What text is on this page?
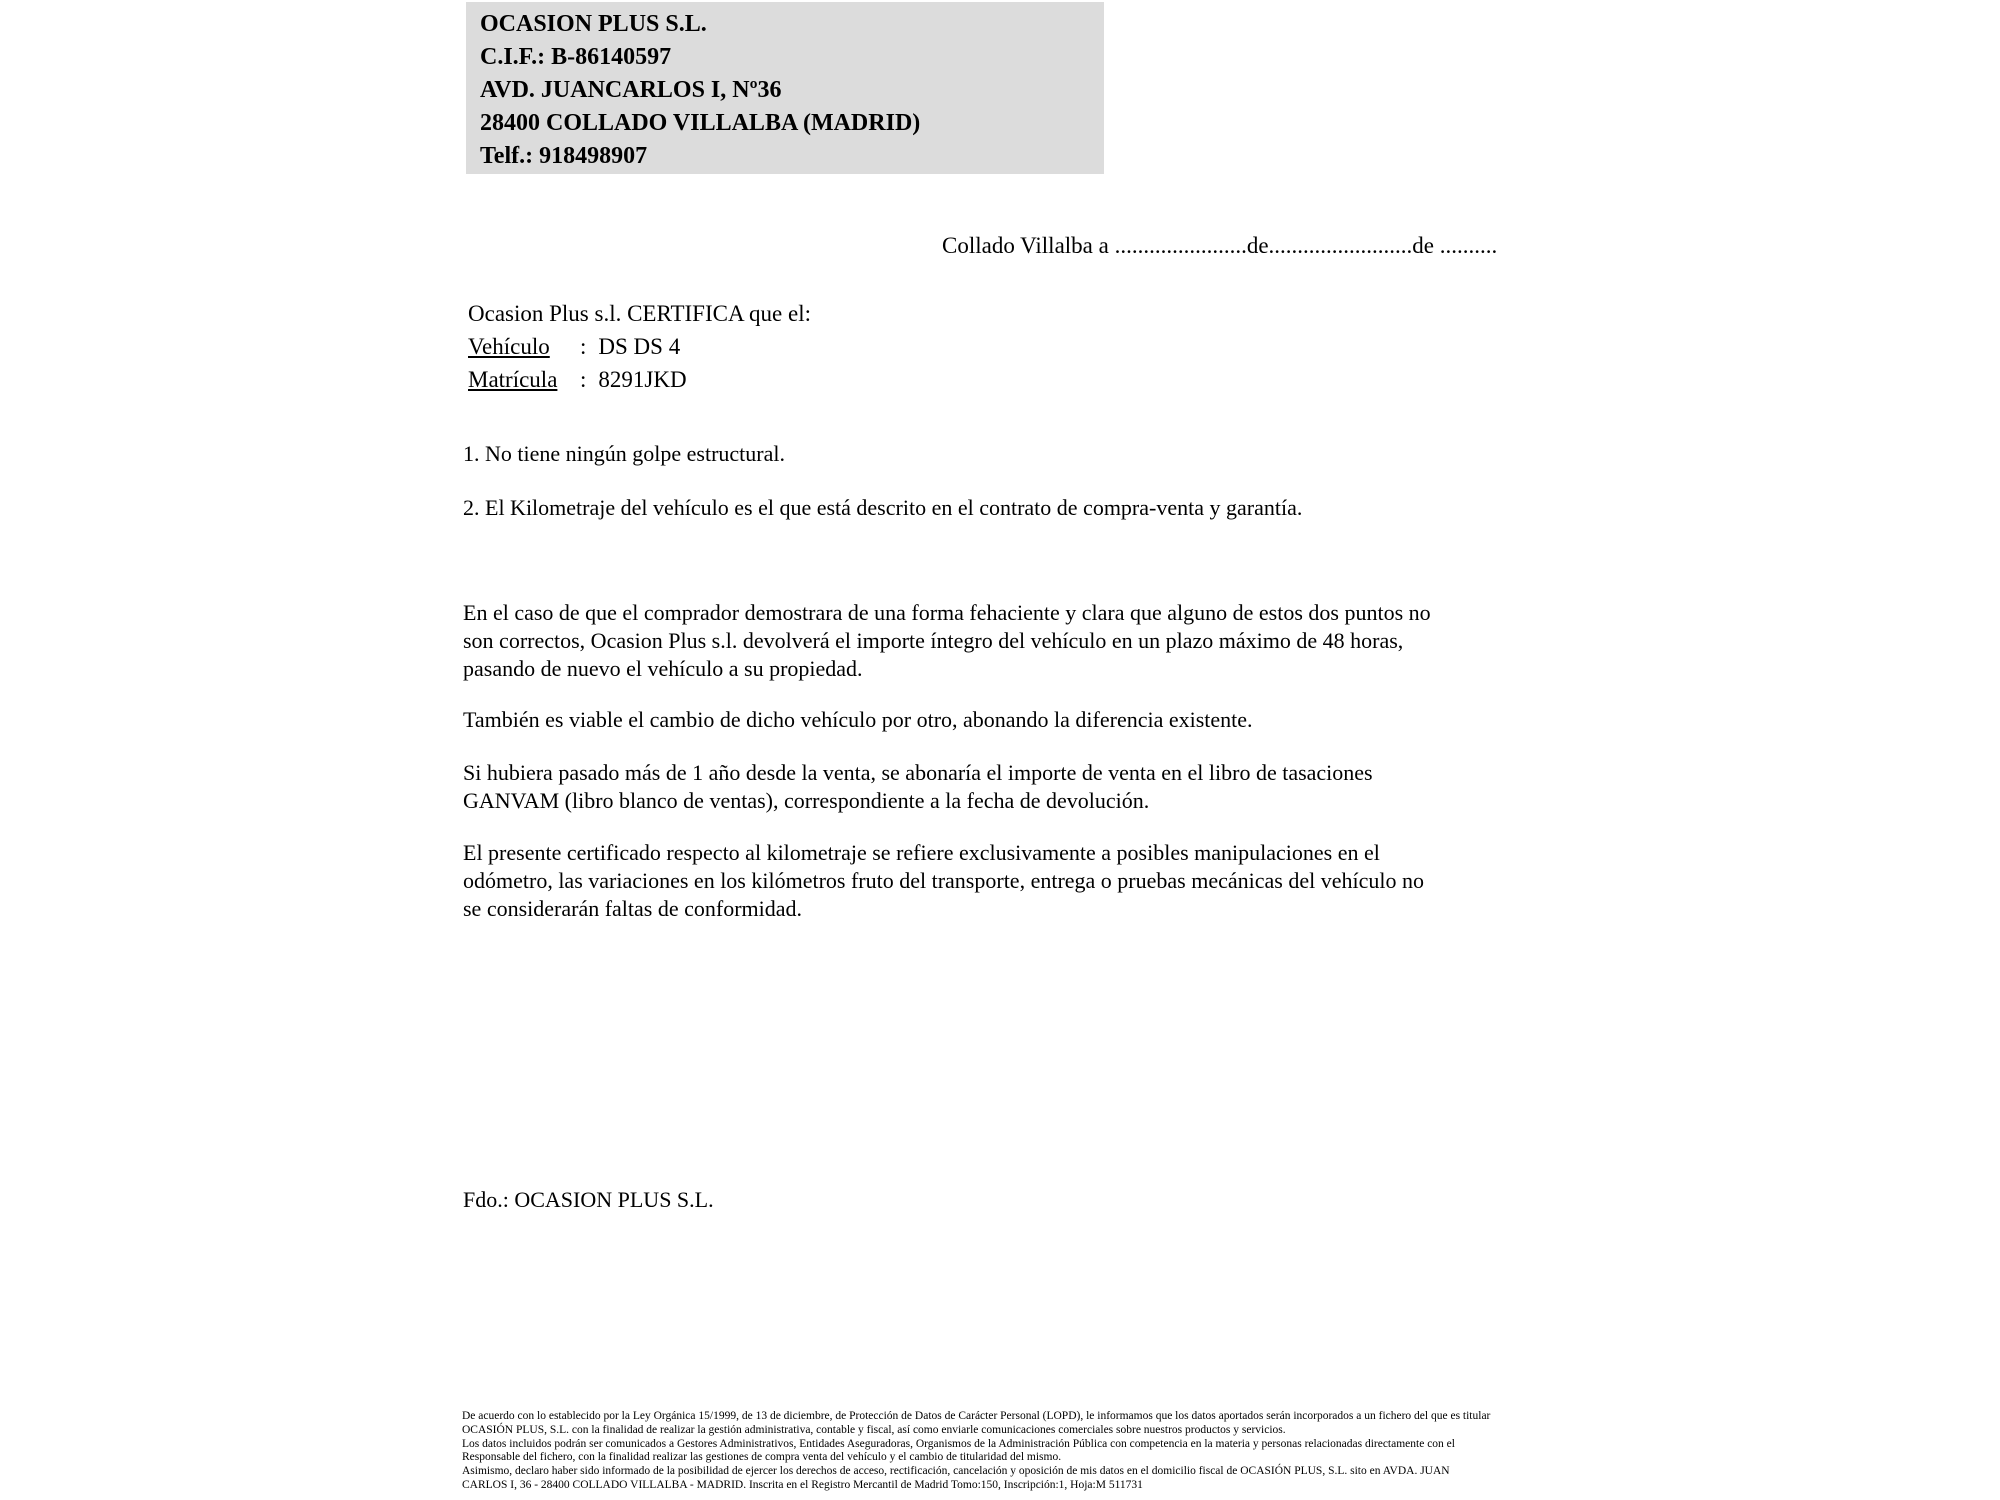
OCASION PLUS S.L.
C.I.F.: B-86140597
AVD. JUANCARLOS I, Nº36
28400 COLLADO VILLALBA (MADRID)
Telf.: 918498907
Collado Villalba a .......................de.........................de ..........
Ocasion Plus s.l. CERTIFICA que el:
Vehículo : DS DS 4
Matrícula : 8291JKD
1. No tiene ningún golpe estructural.
2. El Kilometraje del vehículo es el que está descrito en el contrato de compra-venta y garantía.
En el caso de que el comprador demostrara de una forma fehaciente y clara que alguno de estos dos puntos no
son correctos, Ocasion Plus s.l. devolverá el importe íntegro del vehículo en un plazo máximo de 48 horas,
pasando de nuevo el vehículo a su propiedad.
También es viable el cambio de dicho vehículo por otro, abonando la diferencia existente.
Si hubiera pasado más de 1 año desde la venta, se abonaría el importe de venta en el libro de tasaciones
GANVAM (libro blanco de ventas), correspondiente a la fecha de devolución.
El presente certificado respecto al kilometraje se refiere exclusivamente a posibles manipulaciones en el
odómetro, las variaciones en los kilómetros fruto del transporte, entrega o pruebas mecánicas del vehículo no
se considerarán faltas de conformidad.
Fdo.: OCASION PLUS S.L.
De acuerdo con lo establecido por la Ley Orgánica 15/1999, de 13 de diciembre, de Protección de Datos de Carácter Personal (LOPD), le informamos que los datos aportados serán incorporados a un fichero del que es titular
OCASIÓN PLUS, S.L. con la finalidad de realizar la gestión administrativa, contable y fiscal, así como enviarle comunicaciones comerciales sobre nuestros productos y servicios.
Los datos incluidos podrán ser comunicados a Gestores Administrativos, Entidades Aseguradoras, Organismos de la Administración Pública con competencia en la materia y personas relacionadas directamente con el
Responsable del fichero, con la finalidad realizar las gestiones de compra venta del vehículo y el cambio de titularidad del mismo.
Asimismo, declaro haber sido informado de la posibilidad de ejercer los derechos de acceso, rectificación, cancelación y oposición de mis datos en el domicilio fiscal de OCASIÓN PLUS, S.L. sito en AVDA. JUAN
CARLOS I, 36 - 28400 COLLADO VILLALBA - MADRID. Inscrita en el Registro Mercantil de Madrid Tomo:150, Inscripción:1, Hoja:M 511731
